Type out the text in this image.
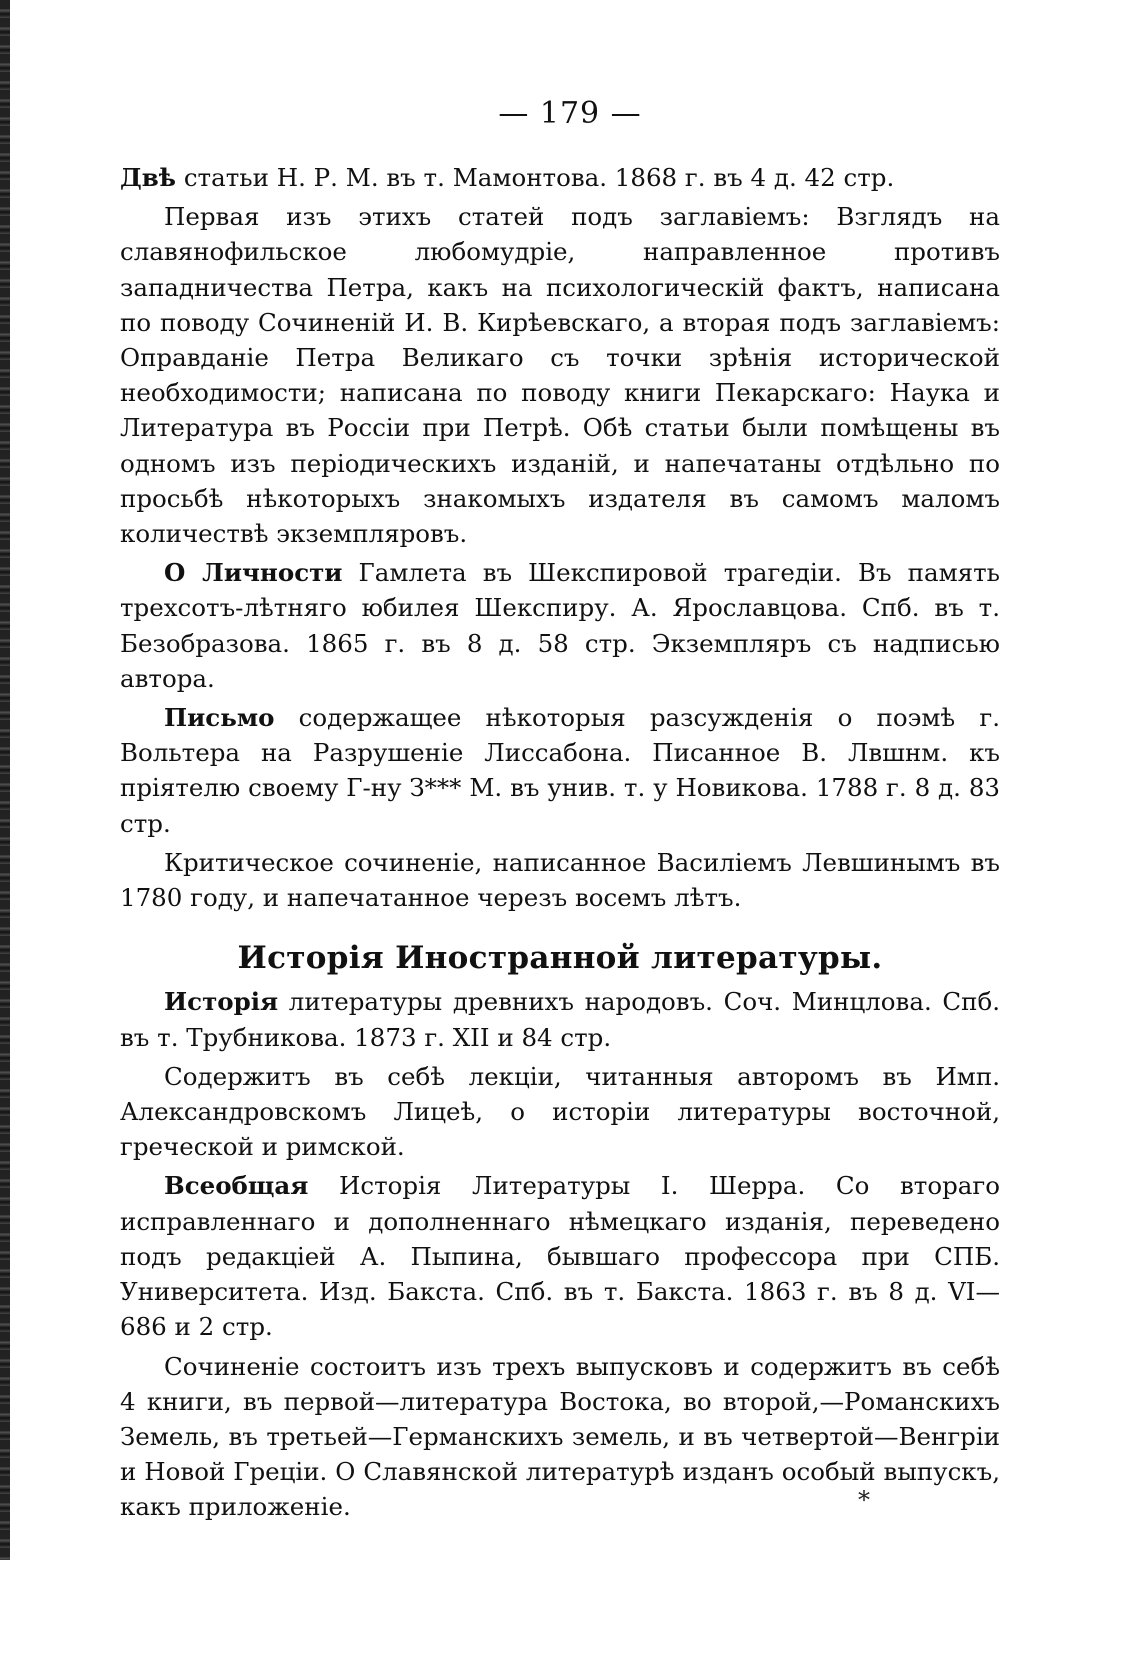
— 179 —

Двѣ статьи Н. Р. М. въ т. Мамонтова. 1868 г. въ 4 д. 42 стр.

Первая изъ этихъ статей подъ заглавіемъ: Взглядъ на славянофильское любомудріе, направленное противъ западничества Петра, какъ на психологическій фактъ, написана по поводу Сочиненій И. В. Кирѣевскаго, а вторая подъ заглавіемъ: Оправданіе Петра Великаго съ точки зрѣнія исторической необходимости; написана по поводу книги Пекарскаго: Наука и Литература въ Россіи при Петрѣ. Обѣ статьи были помѣщены въ одномъ изъ періодическихъ изданій, и напечатаны отдѣльно по просьбѣ нѣкоторыхъ знакомыхъ издателя въ самомъ маломъ количествѣ экземпляровъ.

О Личности Гамлета въ Шекспировой трагедіи. Въ память трехсотъ-лѣтняго юбилея Шекспиру. А. Ярославцова. Спб. въ т. Безобразова. 1865 г. въ 8 д. 58 стр. Экземпляръ съ надписью автора.

Письмо содержащее нѣкоторыя разсужденія о поэмѣ г. Вольтера на Разрушеніе Лиссабона. Писанное В. Лвшнм. къ пріятелю своему Г-ну З*** М. въ унив. т. у Новикова. 1788 г. 8 д. 83 стр.

Критическое сочиненіе, написанное Василіемъ Левшинымъ въ 1780 году, и напечатанное черезъ восемъ лѣтъ.

Исторія Иностранной литературы.

Исторія литературы древнихъ народовъ. Соч. Минцлова. Спб. въ т. Трубникова. 1873 г. XII и 84 стр.

Содержитъ въ себѣ лекціи, читанныя авторомъ въ Имп. Александровскомъ Лицеѣ, о исторіи литературы восточной, греческой и римской.

Всеобщая Исторія Литературы І. Шерра. Со втораго исправленнаго и дополненнаго нѣмецкаго изданія, переведено подъ редакціей А. Пыпина, бывшаго профессора при СПБ. Университета. Изд. Бакста. Спб. въ т. Бакста. 1863 г. въ 8 д. VI—686 и 2 стр.

Сочиненіе состоитъ изъ трехъ выпусковъ и содержитъ въ себѣ 4 книги, въ первой—литература Востока, во второй,—Романскихъ Земель, въ третьей—Германскихъ земель, и въ четвертой—Венгріи и Новой Греціи. О Славянской литературѣ изданъ особый выпускъ, какъ приложеніе.	*
